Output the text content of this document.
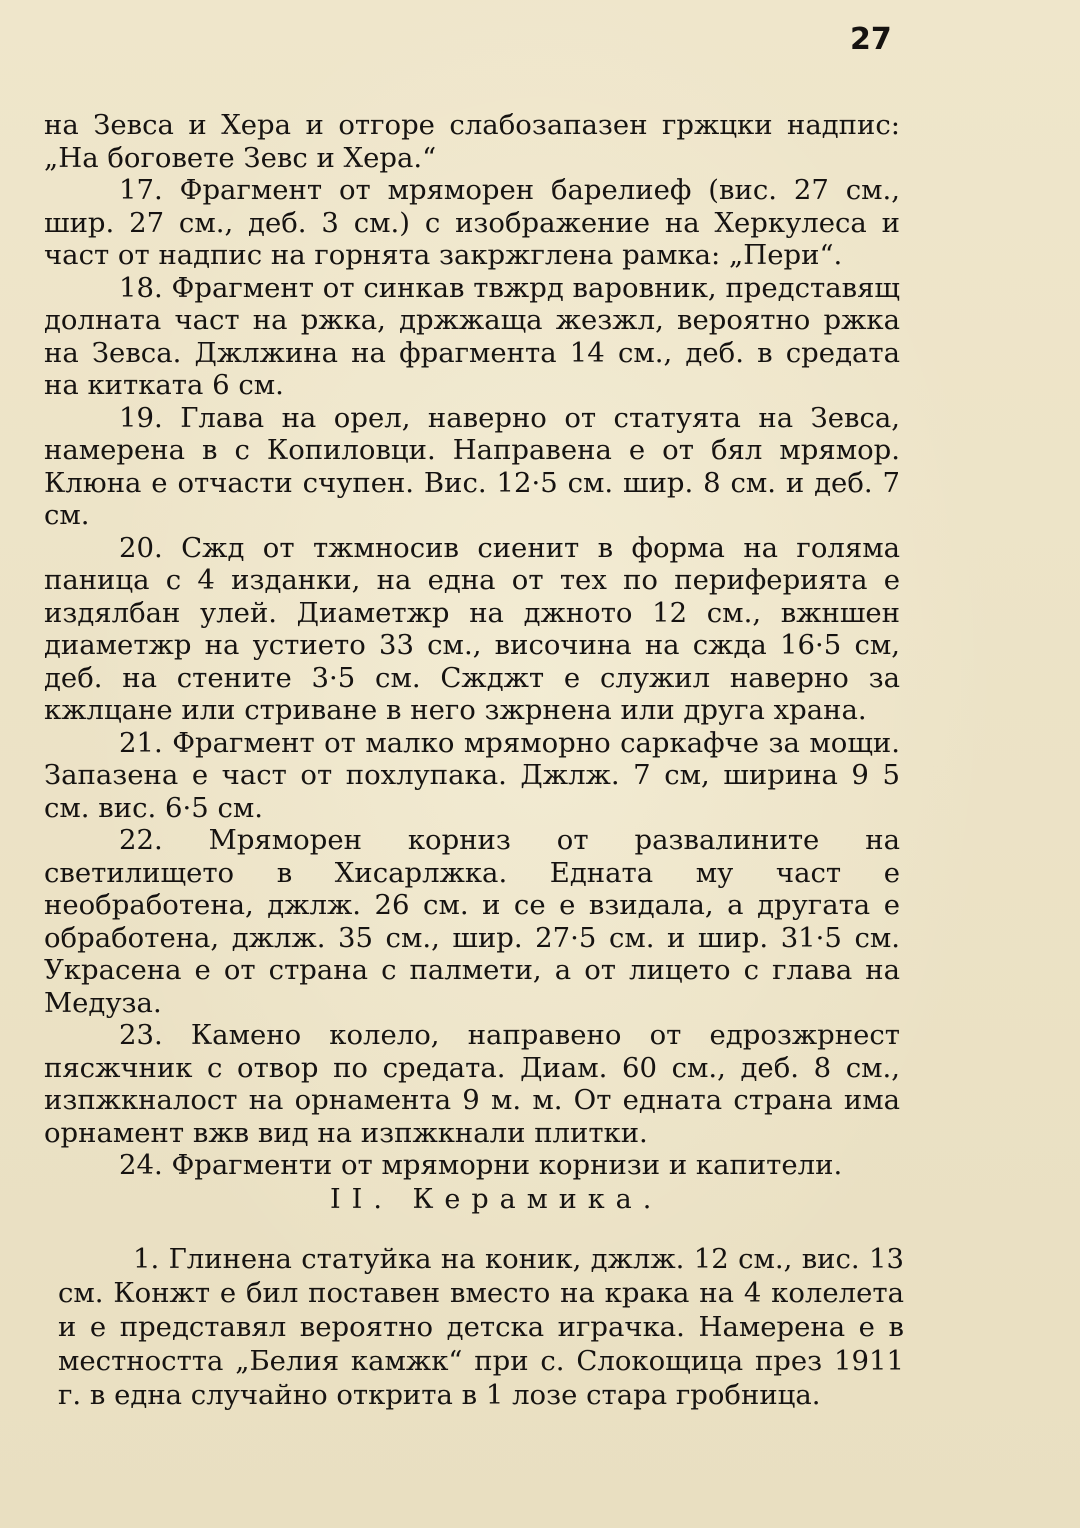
27

на Зевса и Хера и отгоре слабозапазен гржцки надпис: „На боговете Зевс и Хера.“

17. Фрагмент от мряморен барелиеф (вис. 27 см., шир. 27 см., деб. 3 см.) с изображение на Херкулеса и част от надпис на горнята закржглена рамка: „Пери“.

18. Фрагмент от синкав твжрд варовник, представящ долната част на ржка, држжаща жезжл, вероятно ржка на Зевса. Джлжина на фрагмента 14 см., деб. в средата на китката 6 см.

19. Глава на орел, наверно от статуята на Зевса, намерена в с Копиловци. Направена е от бял мрямор. Клюна е отчасти счупен. Вис. 12·5 см. шир. 8 см. и деб. 7 см.

20. Сжд от тжмносив сиенит в форма на голяма паница с 4 изданки, на една от тех по периферията е издялбан улей. Диаметжр на джното 12 см., вжншен диаметжр на устието 33 см., височина на сжда 16·5 см, деб. на стените 3·5 см. Сжджт е служил наверно за кжлцане или стриване в него зжрнена или друга храна.

21. Фрагмент от малко мряморно саркафче за мощи. Запазена е част от похлупака. Джлж. 7 см, ширина 9 5 см. вис. 6·5 см.

22. Мряморен корниз от развалините на светилището в Хисарлжка. Едната му част е необработена, джлж. 26 см. и се е взидала, а другата е обработена, джлж. 35 см., шир. 27·5 см. и шир. 31·5 см. Украсена е от страна с палмети, а от лицето с глава на Медуза.

23. Камено колело, направено от едрозжрнест пясжчник с отвор по средата. Диам. 60 см., деб. 8 см., изпжкналост на орнамента 9 м. м. От едната страна има орнамент вжв вид на изпжкнали плитки.

24. Фрагменти от мряморни корнизи и капители.

II. Керамика.

1. Глинена статуйка на коник, джлж. 12 см., вис. 13 см. Конжт е бил поставен вместо на крака на 4 колелета и е представял вероятно детска играчка. Намерена е в местността „Белия камжк“ при с. Слокощица през 1911 г. в една случайно открита в 1 лозе стара гробница.
